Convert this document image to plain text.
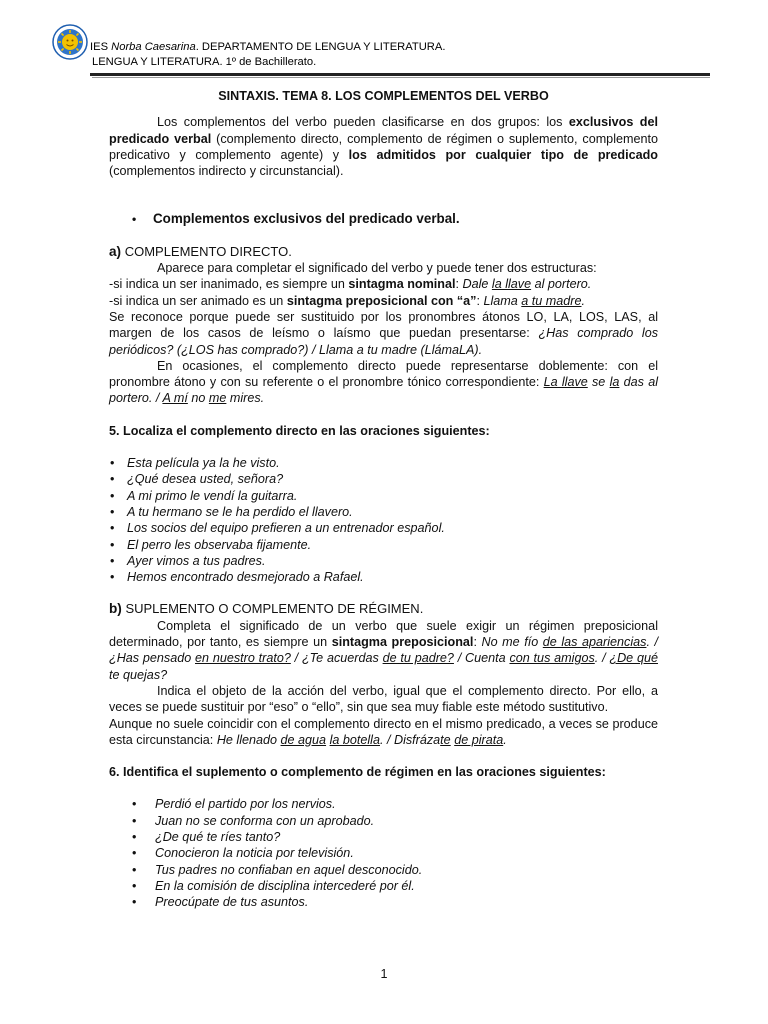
IES Norba Caesarina. DEPARTAMENTO DE LENGUA Y LITERATURA.
LENGUA Y LITERATURA. 1º de Bachillerato.
SINTAXIS. TEMA 8. LOS COMPLEMENTOS DEL VERBO

Los complementos del verbo pueden clasificarse en dos grupos: los exclusivos del predicado verbal (complemento directo, complemento de régimen o suplemento, complemento predicativo y complemento agente) y los admitidos por cualquier tipo de predicado (complementos indirecto y circunstancial).

• Complementos exclusivos del predicado verbal.
a) COMPLEMENTO DIRECTO.

Aparece para completar el significado del verbo y puede tener dos estructuras:

-si indica un ser inanimado, es siempre un sintagma nominal: Dale la llave al portero.

-si indica un ser animado es un sintagma preposicional con “a”: Llama a tu madre.

Se reconoce porque puede ser sustituido por los pronombres átonos LO, LA, LOS, LAS, al margen de los casos de leísmo o laísmo que puedan presentarse: ¿Has comprado los periódicos? (¿LOS has comprado?) / Llama a tu madre (LlámaLA).

En ocasiones, el complemento directo puede representarse doblemente: con el pronombre átono y con su referente o el pronombre tónico correspondiente: La llave se la das al portero. / A mí no me mires.

5. Localiza el complemento directo en las oraciones siguientes:

• Esta película ya la he visto.
• ¿Qué desea usted, señora?
• A mi primo le vendí la guitarra.
• A tu hermano se le ha perdido el llavero.
• Los socios del equipo prefieren a un entrenador español.
• El perro les observaba fijamente.
• Ayer vimos a tus padres.
• Hemos encontrado desmejorado a Rafael.
b) SUPLEMENTO O COMPLEMENTO DE RÉGIMEN.

Completa el significado de un verbo que suele exigir un régimen preposicional determinado, por tanto, es siempre un sintagma preposicional: No me fío de las apariencias. / ¿Has pensado en nuestro trato? / ¿Te acuerdas de tu padre? / Cuenta con tus amigos. / ¿De qué te quejas?

Indica el objeto de la acción del verbo, igual que el complemento directo. Por ello, a veces se puede sustituir por “eso” o “ello”, sin que sea muy fiable este método sustitutivo.

Aunque no suele coincidir con el complemento directo en el mismo predicado, a veces se produce esta circunstancia: He llenado de agua la botella. / Disfrázate de pirata.

6. Identifica el suplemento o complemento de régimen en las oraciones siguientes:

• Perdió el partido por los nervios.
• Juan no se conforma con un aprobado.
• ¿De qué te ríes tanto?
• Conocieron la noticia por televisión.
• Tus padres no confiaban en aquel desconocido.
• En la comisión de disciplina intercederé por él.
• Preocúpate de tus asuntos.
1
